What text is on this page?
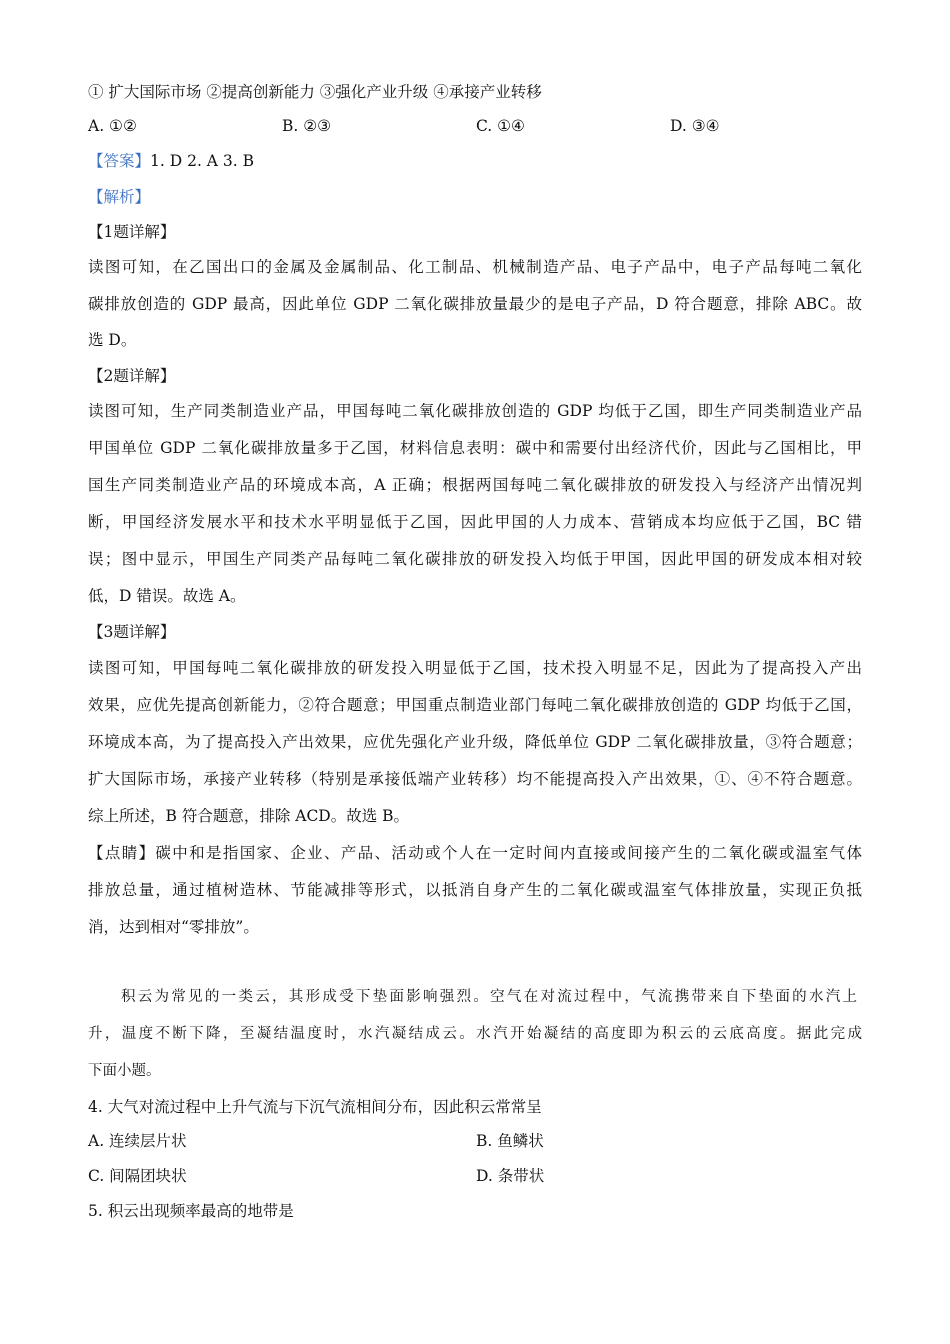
① 扩大国际市场 ②提高创新能力 ③强化产业升级 ④承接产业转移
A. ①②	B. ②③	C. ①④	D. ③④
【答案】1. D 2. A 3. B
【解析】
【1题详解】
读图可知，在乙国出口的金属及金属制品、化工制品、机械制造产品、电子产品中，电子产品每吨二氧化
碳排放创造的 GDP 最高，因此单位 GDP 二氧化碳排放量最少的是电子产品，D 符合题意，排除 ABC。故
选 D。
【2题详解】
读图可知，生产同类制造业产品，甲国每吨二氧化碳排放创造的 GDP 均低于乙国，即生产同类制造业产品
甲国单位 GDP 二氧化碳排放量多于乙国，材料信息表明：碳中和需要付出经济代价，因此与乙国相比，甲
国生产同类制造业产品的环境成本高，A 正确；根据两国每吨二氧化碳排放的研发投入与经济产出情况判
断，甲国经济发展水平和技术水平明显低于乙国，因此甲国的人力成本、营销成本均应低于乙国，BC 错
误；图中显示，甲国生产同类产品每吨二氧化碳排放的研发投入均低于甲国，因此甲国的研发成本相对较
低，D 错误。故选 A。
【3题详解】
读图可知，甲国每吨二氧化碳排放的研发投入明显低于乙国，技术投入明显不足，因此为了提高投入产出
效果，应优先提高创新能力，②符合题意；甲国重点制造业部门每吨二氧化碳排放创造的 GDP 均低于乙国，
环境成本高，为了提高投入产出效果，应优先强化产业升级，降低单位 GDP 二氧化碳排放量，③符合题意；
扩大国际市场，承接产业转移（特别是承接低端产业转移）均不能提高投入产出效果，①、④不符合题意。
综上所述，B 符合题意，排除 ACD。故选 B。
【点睛】碳中和是指国家、企业、产品、活动或个人在一定时间内直接或间接产生的二氧化碳或温室气体
排放总量，通过植树造林、节能减排等形式，以抵消自身产生的二氧化碳或温室气体排放量，实现正负抵
消，达到相对“零排放”。
积云为常见的一类云，其形成受下垫面影响强烈。空气在对流过程中，气流携带来自下垫面的水汽上
升，温度不断下降，至凝结温度时，水汽凝结成云。水汽开始凝结的高度即为积云的云底高度。据此完成
下面小题。
4. 大气对流过程中上升气流与下沉气流相间分布，因此积云常常呈
A. 连续层片状	B. 鱼鳞状
C. 间隔团块状	D. 条带状
5. 积云出现频率最高的地带是
